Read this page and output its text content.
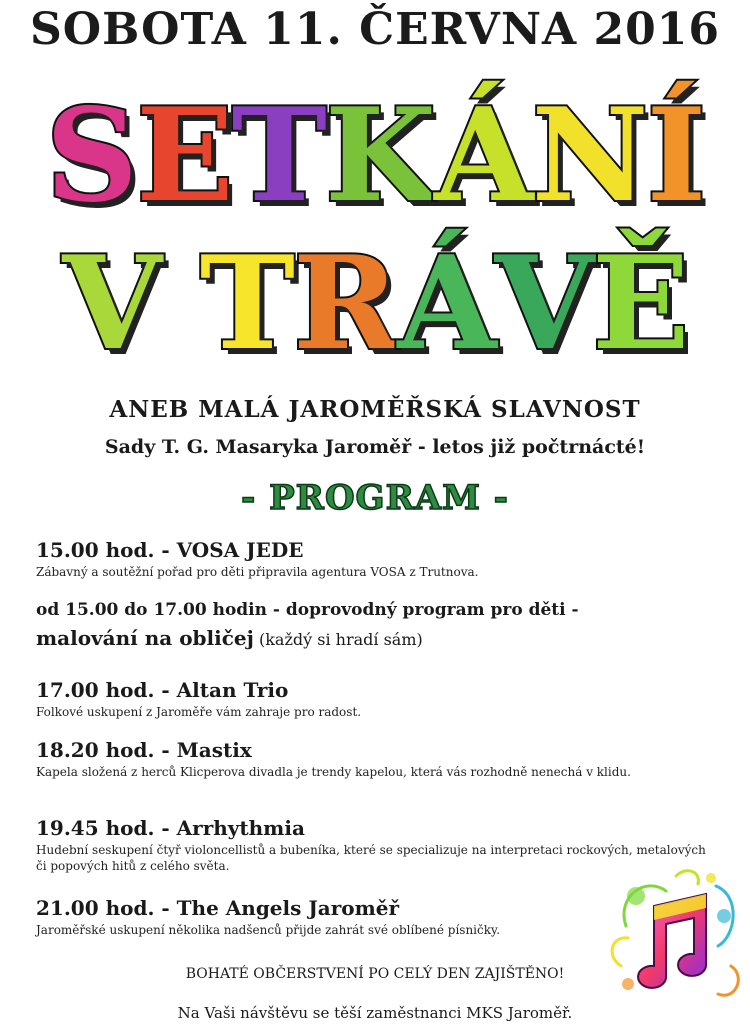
SOBOTA 11. ČERVNA 2016
SETKÁNÍ
V TRÁVĚ
ANEB MALÁ JAROMĚŘSKÁ SLAVNOST
Sady T. G. Masaryka Jaroměř - letos již počtrnácté!
- PROGRAM -
15.00 hod. - VOSA JEDE
Zábavný a soutěžní pořad pro děti připravila agentura VOSA z Trutnova.
od 15.00 do 17.00 hodin - doprovodný program pro děti -
malování na obličej (každý si hradí sám)
17.00 hod. - Altan Trio
Folkové uskupení z Jaroměře vám zahraje pro radost.
18.20 hod. - Mastix
Kapela složená z herců Klicperova divadla je trendy kapelou, která vás rozhodně nenechá v klidu.
19.45 hod. - Arrhythmia
Hudební seskupení čtyř violoncellistů a bubeníka, které se specializuje na interpretaci rockových, metalových či popových hitů z celého světa.
21.00 hod. - The Angels Jaroměř
Jaroměřské uskupení několika nadšenců přijde zahrát své oblíbené písničky.
BOHATÉ OBČERSTVENÍ PO CELÝ DEN ZAJIŠTĚNO!
Na Vaši návštěvu se těší zaměstnanci MKS Jaroměř.
